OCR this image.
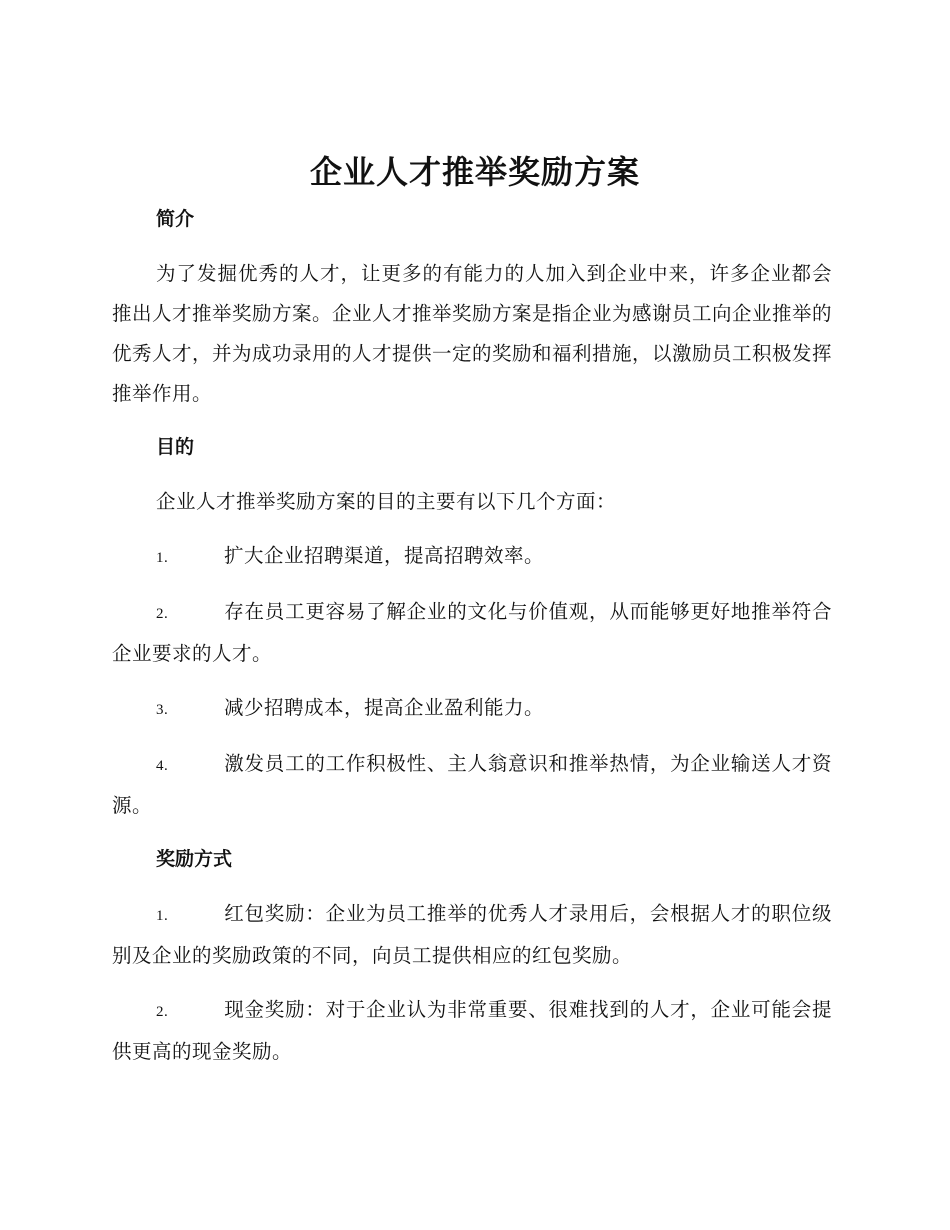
企业人才推举奖励方案
简介

为了发掘优秀的人才，让更多的有能力的人加入到企业中来，许多企业都会推出人才推举奖励方案。企业人才推举奖励方案是指企业为感谢员工向企业推举的优秀人才，并为成功录用的人才提供一定的奖励和福利措施，以激励员工积极发挥推举作用。

目的

企业人才推举奖励方案的目的主要有以下几个方面：

1.	扩大企业招聘渠道，提高招聘效率。

2.	存在员工更容易了解企业的文化与价值观，从而能够更好地推举符合企业要求的人才。

3.	减少招聘成本，提高企业盈利能力。

4.	激发员工的工作积极性、主人翁意识和推举热情，为企业输送人才资源。

奖励方式

1.	红包奖励：企业为员工推举的优秀人才录用后，会根据人才的职位级别及企业的奖励政策的不同，向员工提供相应的红包奖励。

2.	现金奖励：对于企业认为非常重要、很难找到的人才，企业可能会提供更高的现金奖励。
